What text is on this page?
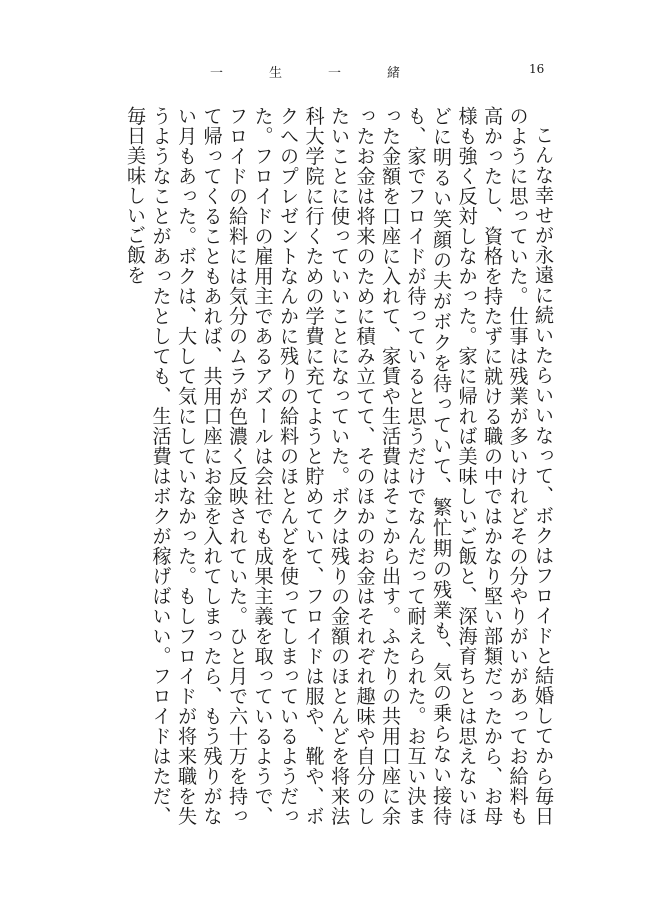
一	生	一	緒	16

こんな幸せが永遠に続いたらいいなって、ボクはフロイドと結婚してから毎日のように思っていた。仕事は残業が多いけれどその分やりがいがあってお給料も高かったし、資格を持たずに就ける職の中ではかなり堅い部類だったから、お母様も強く反対しなかった。家に帰れば美味しいご飯と、深海育ちとは思えないほどに明るい笑顔の夫がボクを待っていて、繁忙期の残業も、気の乗らない接待も、家でフロイドが待っていると思うだけでなんだって耐えられた。お互い決まった金額を口座に入れて、家賃や生活費はそこから出す。ふたりの共用口座に余ったお金は将来のために積み立てて、そのほかのお金はそれぞれ趣味や自分のしたいことに使っていいことになっていた。ボクは残りの金額のほとんどを将来法科大学院に行くための学費に充てようと貯めていて、フロイドは服や、靴や、ボクへのプレゼントなんかに残りの給料のほとんどを使ってしまっているようだった。フロイドの雇用主であるアズールは会社でも成果主義を取っているようで、フロイドの給料には気分のムラが色濃く反映されていた。ひと月で六十万を持って帰ってくることもあれば、共用口座にお金を入れてしまったら、もう残りがない月もあった。ボクは、大して気にしていなかった。もしフロイドが将来職を失うようなことがあったとしても、生活費はボクが稼げばいい。フロイドはただ、毎日美味しいご飯を
